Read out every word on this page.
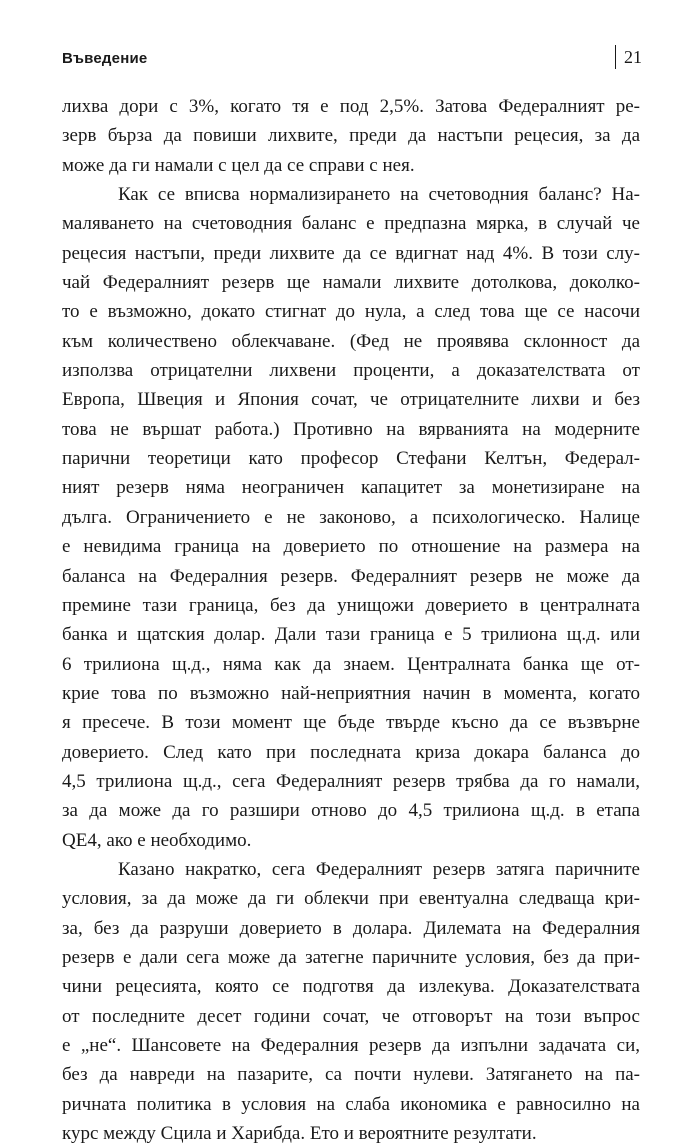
Въведение	21
лихва дори с 3%, когато тя е под 2,5%. Затова Федералният ре-
зерв бърза да повиши лихвите, преди да настъпи рецесия, за да
може да ги намали с цел да се справи с нея.
Как се вписва нормализирането на счетоводния баланс? На-
маляването на счетоводния баланс е предпазна мярка, в случай че
рецесия настъпи, преди лихвите да се вдигнат над 4%. В този слу-
чай Федералният резерв ще намали лихвите дотолкова, доколко-
то е възможно, докато стигнат до нула, а след това ще се насочи
към количествено облекчаване. (Фед не проявява склонност да
използва отрицателни лихвени проценти, а доказателствата от
Европа, Швеция и Япония сочат, че отрицателните лихви и без
това не вършат работа.) Противно на вярванията на модерните
парични теоретици като професор Стефани Келтън, Федерал-
ният резерв няма неограничен капацитет за монетизиране на
дълга. Ограничението е не законово, а психологическо. Налице
е невидима граница на доверието по отношение на размера на
баланса на Федералния резерв. Федералният резерв не може да
премине тази граница, без да унищожи доверието в централната
банка и щатския долар. Дали тази граница е 5 трилиона щ.д. или
6 трилиона щ.д., няма как да знаем. Централната банка ще от-
крие това по възможно най-неприятния начин в момента, когато
я пресече. В този момент ще бъде твърде късно да се възвърне
доверието. След като при последната криза докара баланса до
4,5 трилиона щ.д., сега Федералният резерв трябва да го намали,
за да може да го разшири отново до 4,5 трилиона щ.д. в етапа
QE4, ако е необходимо.
Казано накратко, сега Федералният резерв затяга паричните
условия, за да може да ги облекчи при евентуална следваща кри-
за, без да разруши доверието в долара. Дилемата на Федералния
резерв е дали сега може да затегне паричните условия, без да при-
чини рецесията, която се подготвя да излекува. Доказателствата
от последните десет години сочат, че отговорът на този въпрос
е „не“. Шансовете на Федералния резерв да изпълни задачата си,
без да навреди на пазарите, са почти нулеви. Затягането на па-
ричната политика в условия на слаба икономика е равносилно на
курс между Сцила и Харибда. Ето и вероятните резултати.
